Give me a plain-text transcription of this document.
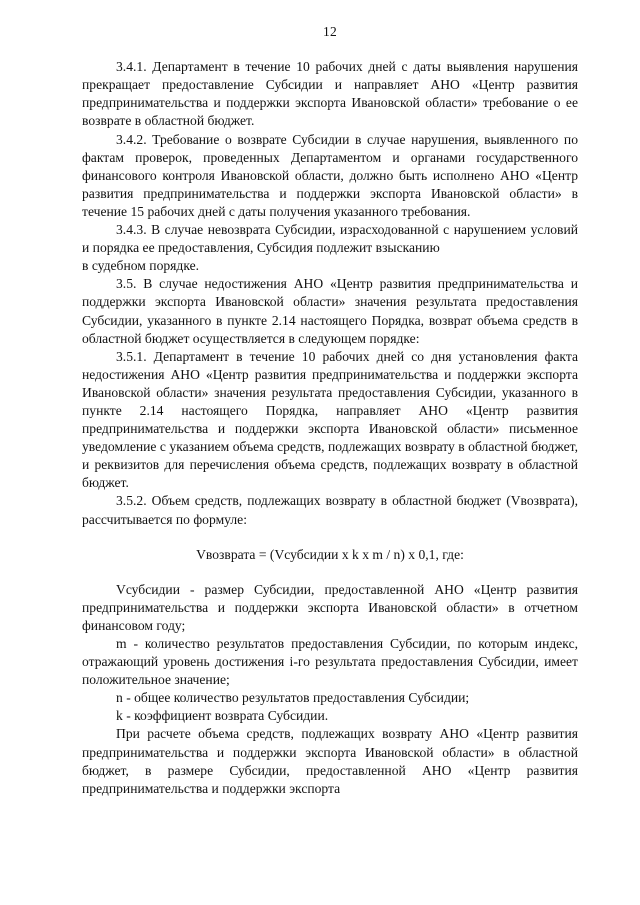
12

3.4.1. Департамент в течение 10 рабочих дней с даты выявления нарушения прекращает предоставление Субсидии и направляет АНО «Центр развития предпринимательства и поддержки экспорта Ивановской области» требование о ее возврате в областной бюджет.

3.4.2. Требование о возврате Субсидии в случае нарушения, выявленного по фактам проверок, проведенных Департаментом и органами государственного финансового контроля Ивановской области, должно быть исполнено АНО «Центр развития предпринимательства и поддержки экспорта Ивановской области» в течение 15 рабочих дней с даты получения указанного требования.

3.4.3. В случае невозврата Субсидии, израсходованной с нарушением условий и порядка ее предоставления, Субсидия подлежит взысканию

в судебном порядке.

3.5. В случае недостижения АНО «Центр развития предпринимательства и поддержки экспорта Ивановской области» значения результата предоставления Субсидии, указанного в пункте 2.14 настоящего Порядка, возврат объема средств в областной бюджет осуществляется в следующем порядке:

3.5.1. Департамент в течение 10 рабочих дней со дня установления факта недостижения АНО «Центр развития предпринимательства и поддержки экспорта Ивановской области» значения результата предоставления Субсидии, указанного в пункте 2.14 настоящего Порядка, направляет АНО «Центр развития предпринимательства и поддержки экспорта Ивановской области» письменное уведомление с указанием объема средств, подлежащих возврату в областной бюджет, и реквизитов для перечисления объема средств, подлежащих возврату в областной бюджет.

3.5.2. Объем средств, подлежащих возврату в областной бюджет (Vвозврата), рассчитывается по формуле:

Vвозврата = (Vсубсидии x k x m / n) x 0,1, где:

Vсубсидии - размер Субсидии, предоставленной АНО «Центр развития предпринимательства и поддержки экспорта Ивановской области» в отчетном финансовом году;

m - количество результатов предоставления Субсидии, по которым индекс, отражающий уровень достижения i-го результата предоставления Субсидии, имеет положительное значение;

n - общее количество результатов предоставления Субсидии;

k - коэффициент возврата Субсидии.

При расчете объема средств, подлежащих возврату АНО «Центр развития предпринимательства и поддержки экспорта Ивановской области» в областной бюджет, в размере Субсидии, предоставленной АНО «Центр развития предпринимательства и поддержки экспорта
